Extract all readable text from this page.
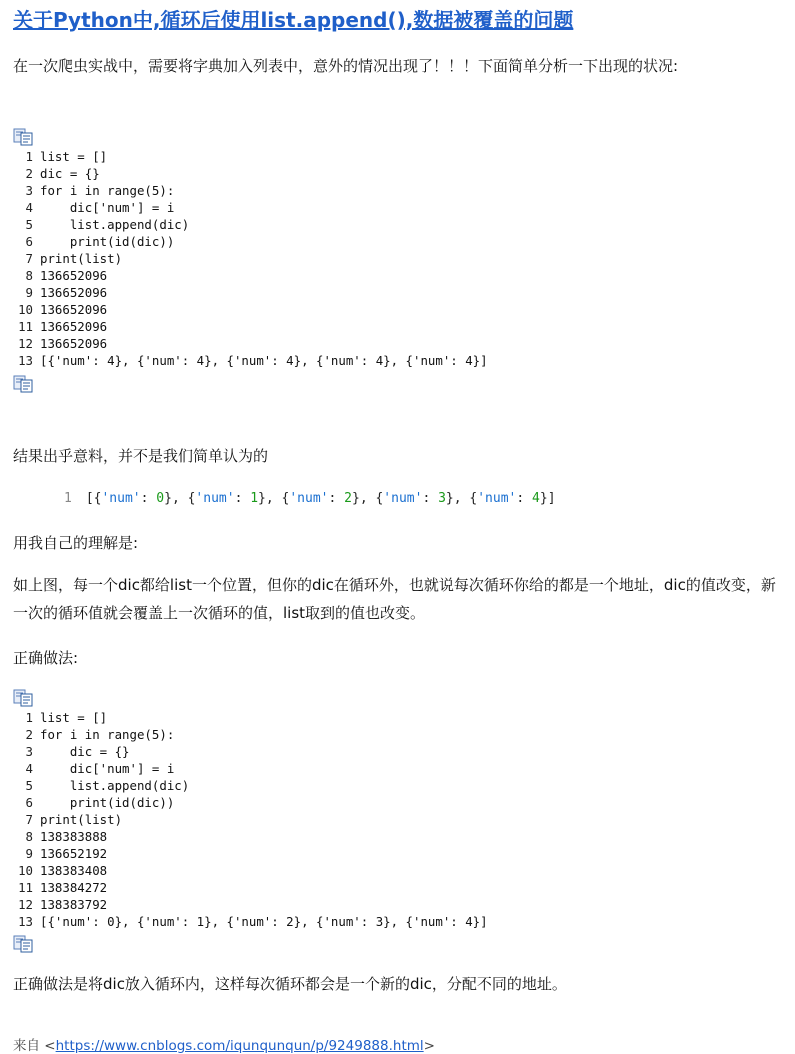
关于Python中,循环后使用list.append(),数据被覆盖的问题

在一次爬虫实战中，需要将字典加入列表中，意外的情况出现了！！！下面简单分析一下出现的状况:

1 list = []
2 dic = {}
3 for i in range(5):
4    dic['num'] = i
5    list.append(dic)
6    print(id(dic))
7 print(list)
8 136652096
9 136652096
10 136652096
11 136652096
12 136652096
13 [{'num': 4}, {'num': 4}, {'num': 4}, {'num': 4}, {'num': 4}]

结果出乎意料，并不是我们简单认为的

1 [{'num': 0}, {'num': 1}, {'num': 2}, {'num': 3}, {'num': 4}]

用我自己的理解是:

如上图，每一个dic都给list一个位置，但你的dic在循环外，也就说每次循环你给的都是一个地址，dic的值改变，新一次的循环值就会覆盖上一次循环的值，list取到的值也改变。

正确做法:

1 list = []
2 for i in range(5):
3    dic = {}
4    dic['num'] = i
5    list.append(dic)
6    print(id(dic))
7 print(list)
8 138383888
9 136652192
10 138383408
11 138384272
12 138383792
13 [{'num': 0}, {'num': 1}, {'num': 2}, {'num': 3}, {'num': 4}]

正确做法是将dic放入循环内，这样每次循环都会是一个新的dic，分配不同的地址。

来自 <https://www.cnblogs.com/iqunqunqun/p/9249888.html>
